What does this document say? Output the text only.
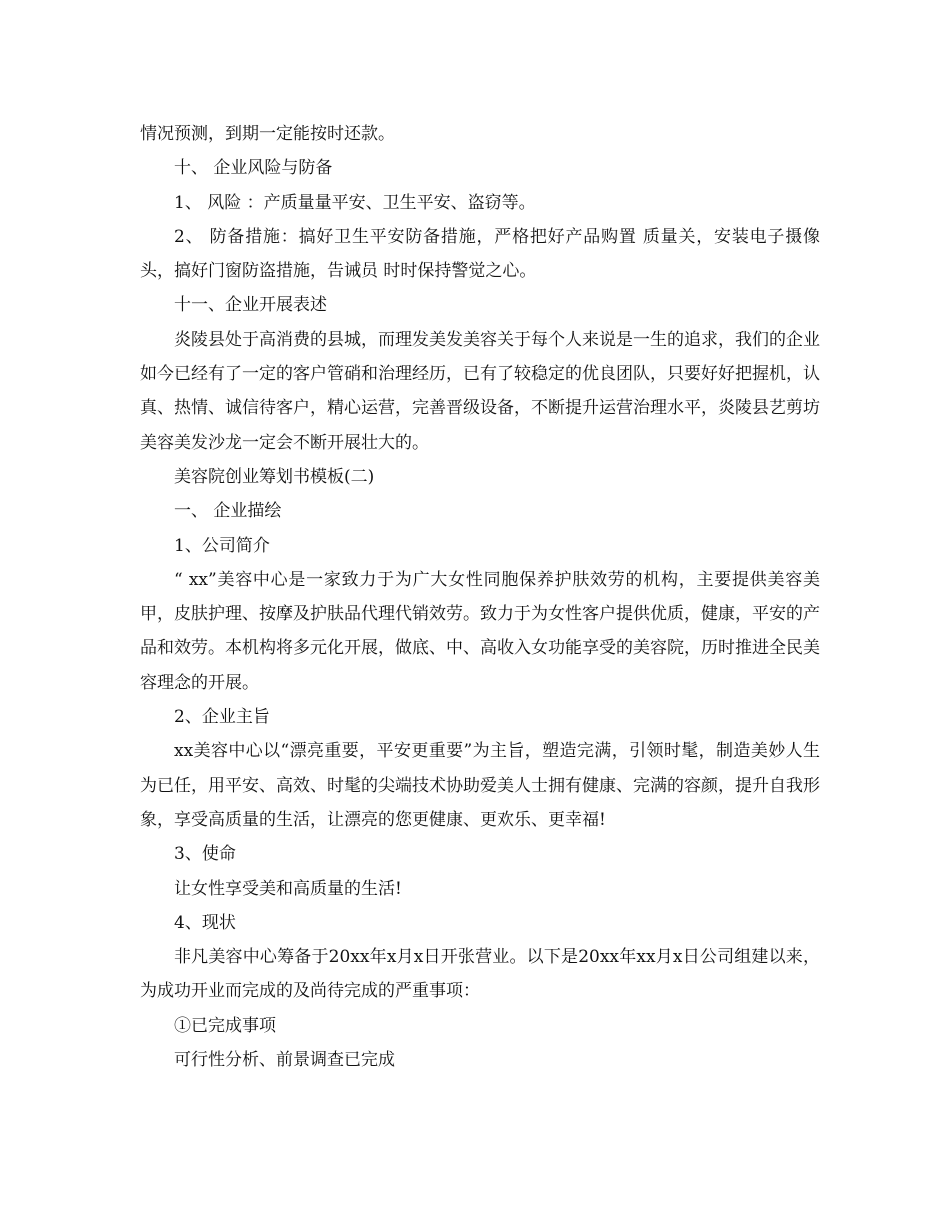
情况预测，到期一定能按时还款。

十、 企业风险与防备

1、 风险 ：产质量量平安、卫生平安、盗窃等。

2、 防备措施：搞好卫生平安防备措施，严格把好产品购置 质量关，安装电子摄像头，搞好门窗防盗措施，告诫员 时时保持警觉之心。

十一、企业开展表述

炎陵县处于高消费的县城，而理发美发美容关于每个人来说是一生的追求，我们的企业如今已经有了一定的客户管硝和治理经历，已有了较稳定的优良团队，只要好好把握机，认真、热情、诚信待客户，精心运营，完善晋级设备，不断提升运营治理水平，炎陵县艺剪坊美容美发沙龙一定会不断开展壮大的。

美容院创业筹划书模板(二)

一、 企业描绘

1、公司简介

“ xx”美容中心是一家致力于为广大女性同胞保养护肤效劳的机构，主要提供美容美甲，皮肤护理、按摩及护肤品代理代销效劳。致力于为女性客户提供优质，健康，平安的产品和效劳。本机构将多元化开展，做底、中、高收入女功能享受的美容院，历时推进全民美容理念的开展。

2、企业主旨

xx美容中心以“漂亮重要，平安更重要”为主旨，塑造完满，引领时髦，制造美妙人生为已任，用平安、高效、时髦的尖端技术协助爱美人士拥有健康、完满的容颜，提升自我形象，享受高质量的生活，让漂亮的您更健康、更欢乐、更幸福!

3、使命

让女性享受美和高质量的生活!

4、现状

非凡美容中心筹备于20xx年x月x日开张营业。以下是20xx年xx月x日公司组建以来，为成功开业而完成的及尚待完成的严重事项：

①已完成事项

可行性分析、前景调查已完成
